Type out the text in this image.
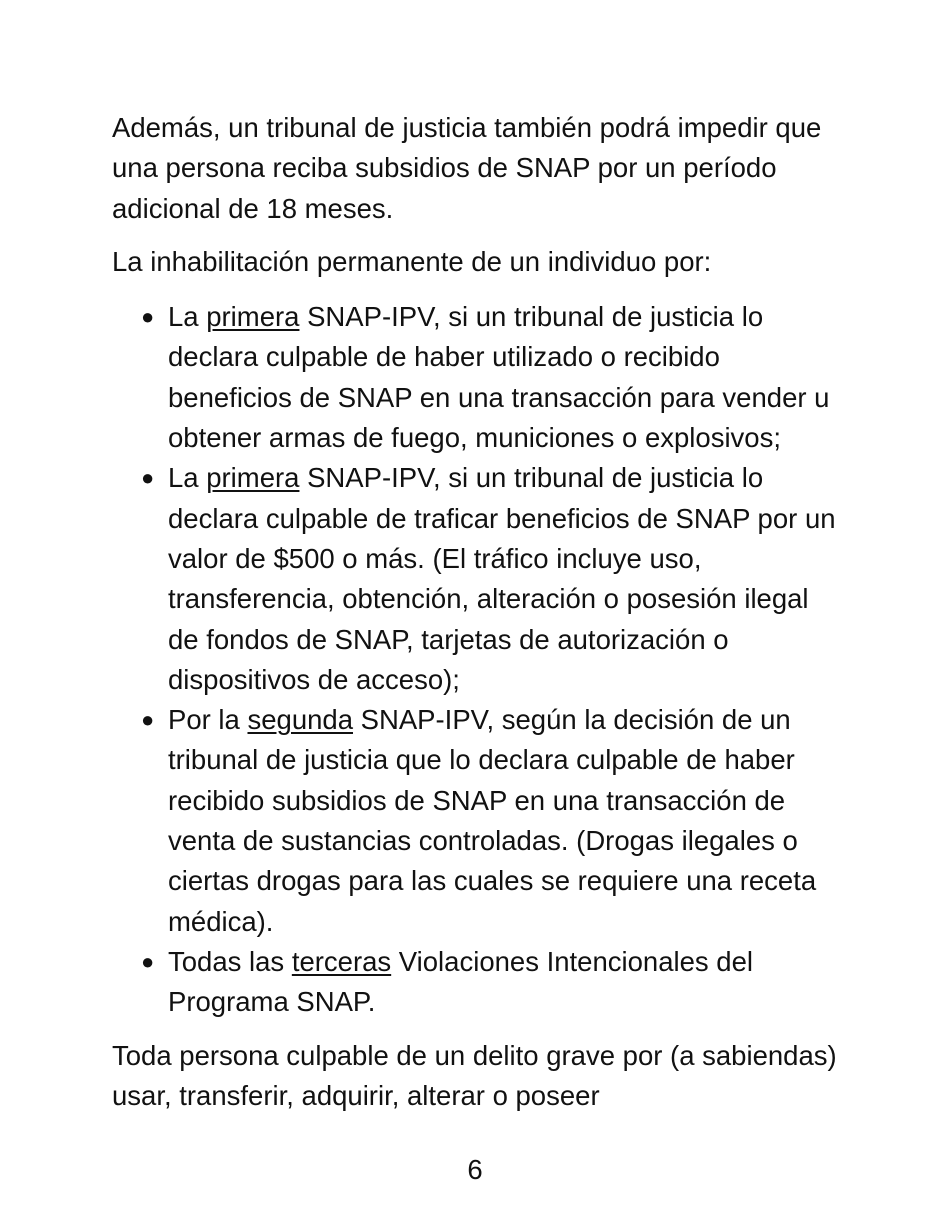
Además, un tribunal de justicia también podrá impedir que una persona reciba subsidios de SNAP por un período adicional de 18 meses.

La inhabilitación permanente de un individuo por:

● La primera SNAP-IPV, si un tribunal de justicia lo declara culpable de haber utilizado o recibido beneficios de SNAP en una transacción para vender u obtener armas de fuego, municiones o explosivos;
● La primera SNAP-IPV, si un tribunal de justicia lo declara culpable de traficar beneficios de SNAP por un valor de $500 o más. (El tráfico incluye uso, transferencia, obtención, alteración o posesión ilegal de fondos de SNAP, tarjetas de autorización o dispositivos de acceso);
● Por la segunda SNAP-IPV, según la decisión de un tribunal de justicia que lo declara culpable de haber recibido subsidios de SNAP en una transacción de venta de sustancias controladas. (Drogas ilegales o ciertas drogas para las cuales se requiere una receta médica).
● Todas las terceras Violaciones Intencionales del Programa SNAP.

Toda persona culpable de un delito grave por (a sabiendas) usar, transferir, adquirir, alterar o poseer

6
